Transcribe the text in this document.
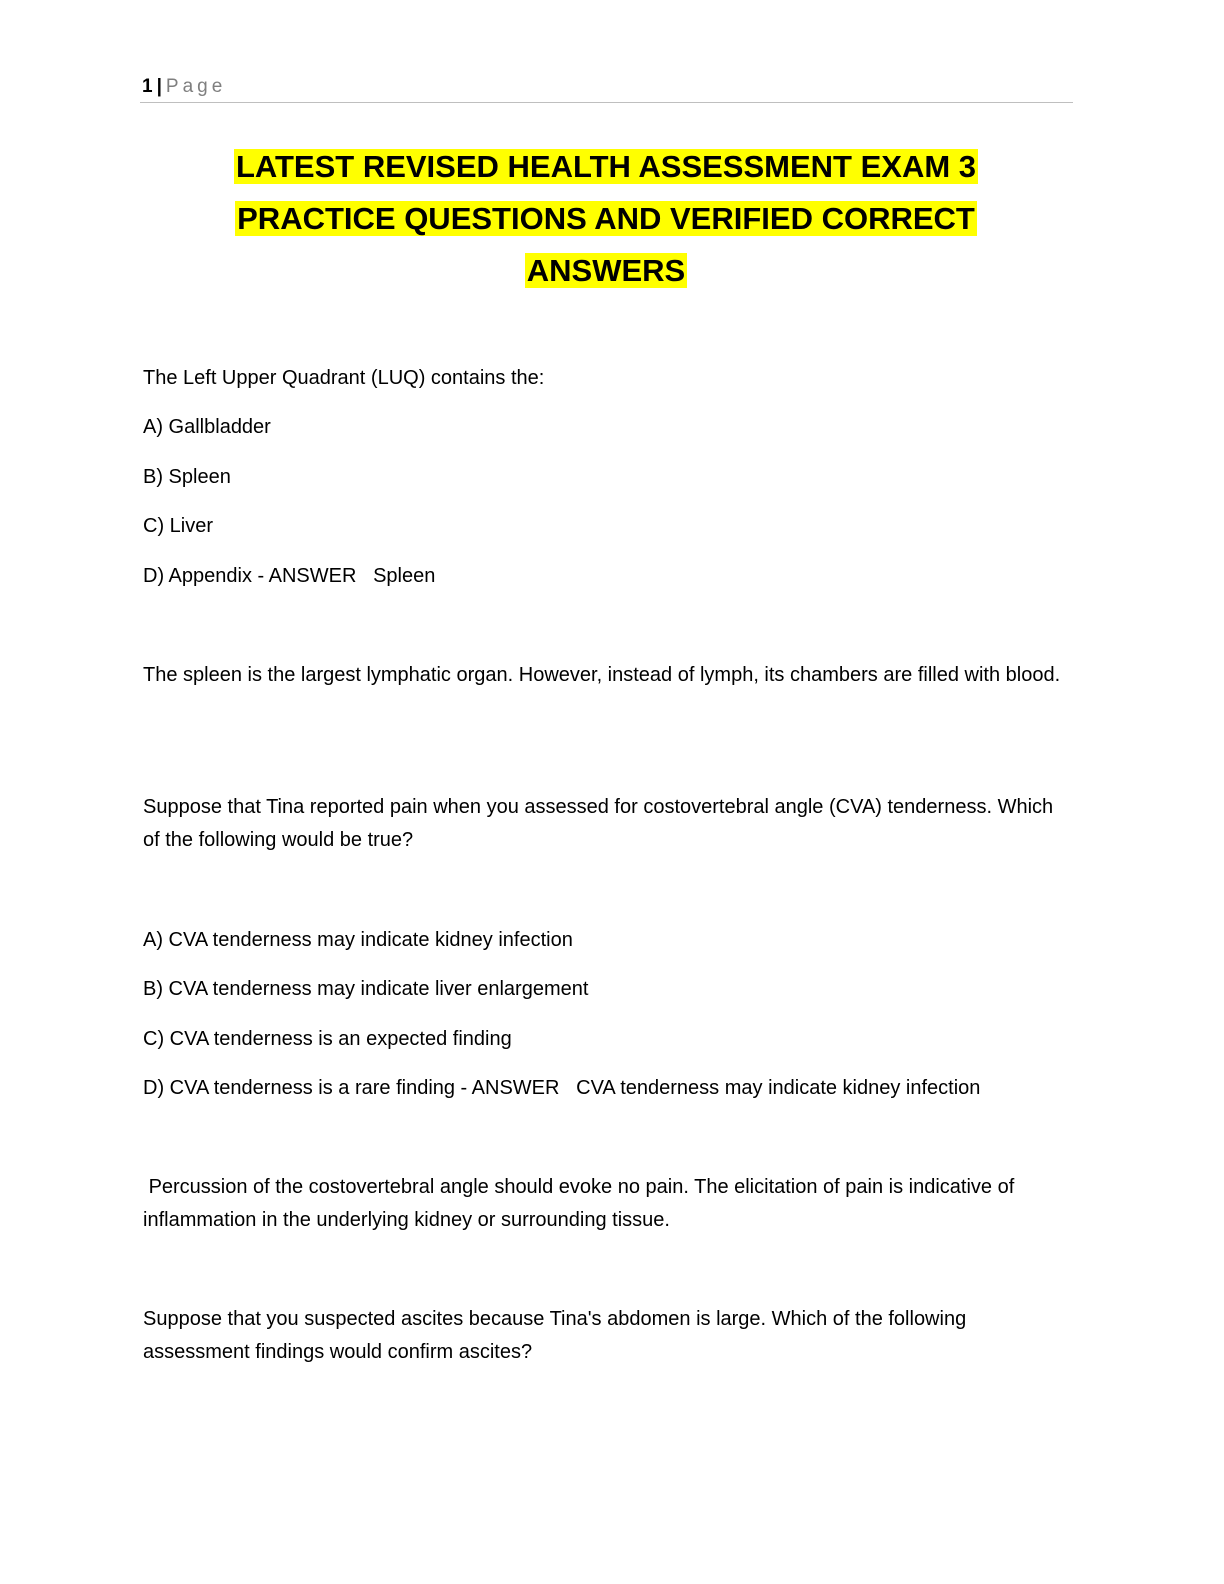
1 | Page
LATEST REVISED HEALTH ASSESSMENT EXAM 3
PRACTICE QUESTIONS AND VERIFIED CORRECT
ANSWERS
The Left Upper Quadrant (LUQ) contains the:
A) Gallbladder
B) Spleen
C) Liver
D) Appendix - ANSWER   Spleen
The spleen is the largest lymphatic organ. However, instead of lymph, its chambers are filled with blood.
Suppose that Tina reported pain when you assessed for costovertebral angle (CVA) tenderness. Which of the following would be true?
A) CVA tenderness may indicate kidney infection
B) CVA tenderness may indicate liver enlargement
C) CVA tenderness is an expected finding
D) CVA tenderness is a rare finding - ANSWER   CVA tenderness may indicate kidney infection
Percussion of the costovertebral angle should evoke no pain. The elicitation of pain is indicative of inflammation in the underlying kidney or surrounding tissue.
Suppose that you suspected ascites because Tina's abdomen is large. Which of the following assessment findings would confirm ascites?
